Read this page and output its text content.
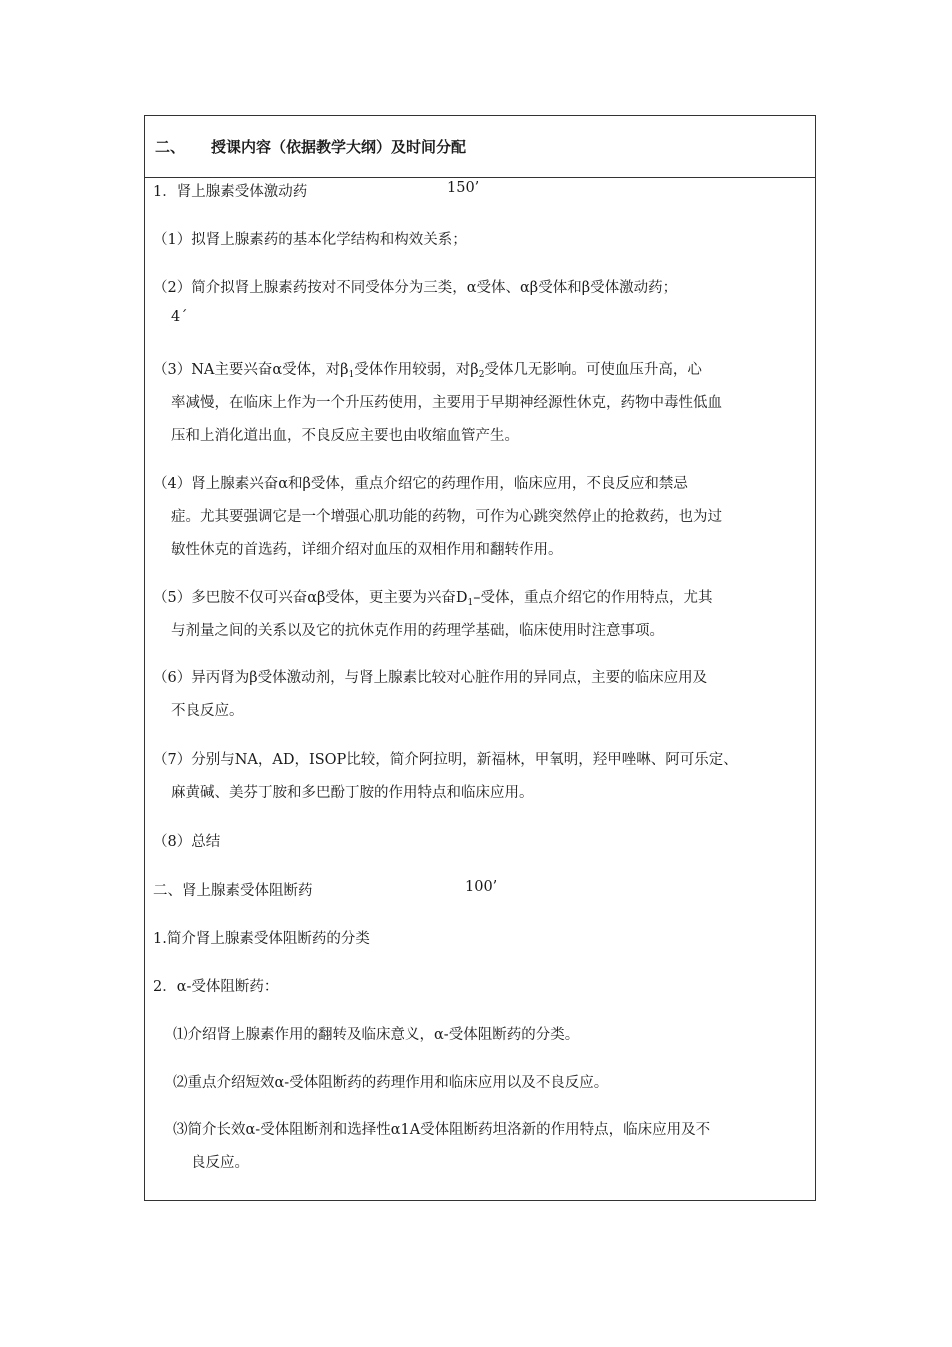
二、	授课内容（依据教学大纲）及时间分配
1．肾上腺素受体激动药	150’
（1）拟肾上腺素药的基本化学结构和构效关系；
（2）简介拟肾上腺素药按对不同受体分为三类，α受体、αβ受体和β受体激动药；
4΄
（3）NA主要兴奋α受体，对$\beta_1$受体作用较弱，对$\beta_2$受体几无影响。可使血压升高，心
率减慢，在临床上作为一个升压药使用，主要用于早期神经源性休克，药物中毒性低血
压和上消化道出血，不良反应主要也由收缩血管产生。
（4）肾上腺素兴奋α和β受体，重点介绍它的药理作用，临床应用，不良反应和禁忌
症。尤其要强调它是一个增强心肌功能的药物，可作为心跳突然停止的抢救药，也为过
敏性休克的首选药，详细介绍对血压的双相作用和翻转作用。
（5）多巴胺不仅可兴奋αβ受体，更主要为兴奋$D_1-$受体，重点介绍它的作用特点，尤其
与剂量之间的关系以及它的抗休克作用的药理学基础，临床使用时注意事项。
（6）异丙肾为β受体激动剂，与肾上腺素比较对心脏作用的异同点，主要的临床应用及
不良反应。
（7）分别与NA，AD，ISOP比较，简介阿拉明，新福林，甲氧明，羟甲唑啉、阿可乐定、
麻黄碱、美芬丁胺和多巴酚丁胺的作用特点和临床应用。
（8）总结
二、肾上腺素受体阻断药	100’
1.简介肾上腺素受体阻断药的分类
2．α-受体阻断药：
⑴介绍肾上腺素作用的翻转及临床意义，α-受体阻断药的分类。
⑵重点介绍短效α-受体阻断药的药理作用和临床应用以及不良反应。
⑶简介长效α-受体阻断剂和选择性α1A受体阻断药坦洛新的作用特点，临床应用及不
良反应。
